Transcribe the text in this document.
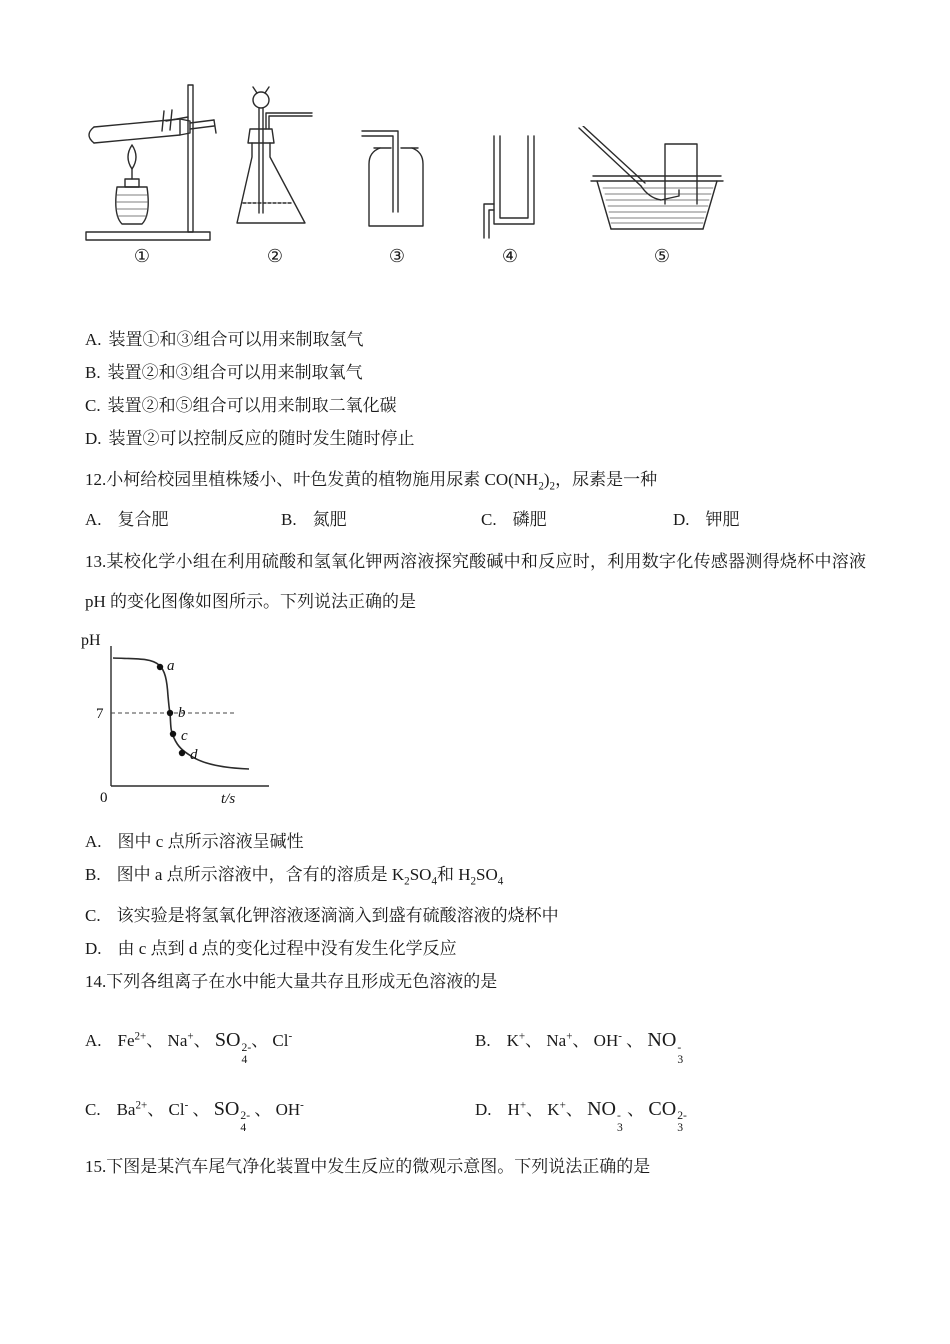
①	②	③	④	⑤
A. 装置①和③组合可以用来制取氢气
B. 装置②和③组合可以用来制取氧气
C. 装置②和⑤组合可以用来制取二氧化碳
D. 装置②可以控制反应的随时发生随时停止
12.小柯给校园里植株矮小、叶色发黄的植物施用尿素 $CO(NH_2)_2$，尿素是一种
A. 复合肥	B. 氮肥	C. 磷肥	D. 钾肥
13.某校化学小组在利用硫酸和氢氧化钾两溶液探究酸碱中和反应时，利用数字化传感器测得烧杯中溶液 pH 的变化图像如图所示。下列说法正确的是
pH
7
a
b
c
d
0	t/s
A. 图中 c 点所示溶液呈碱性
B. 图中 a 点所示溶液中，含有的溶质是 $K_2SO_4$和 $H_2SO_4$
C. 该实验是将氢氧化钾溶液逐滴滴入到盛有硫酸溶液的烧杯中
D. 由 c 点到 d 点的变化过程中没有发生化学反应
14.下列各组离子在水中能大量共存且形成无色溶液的是
A. $Fe^{2+}$、 Na+、 SO 2-
4
、 Cl-	B. K+、 Na+、 OH- 、 NO -
3
C. $Ba^{2+}$、 Cl- 、 SO 2-
4
、 OH-	D. H+、 K+、 NO -
3
、 CO 2-
3
15.下图是某汽车尾气净化装置中发生反应的微观示意图。下列说法正确的是
